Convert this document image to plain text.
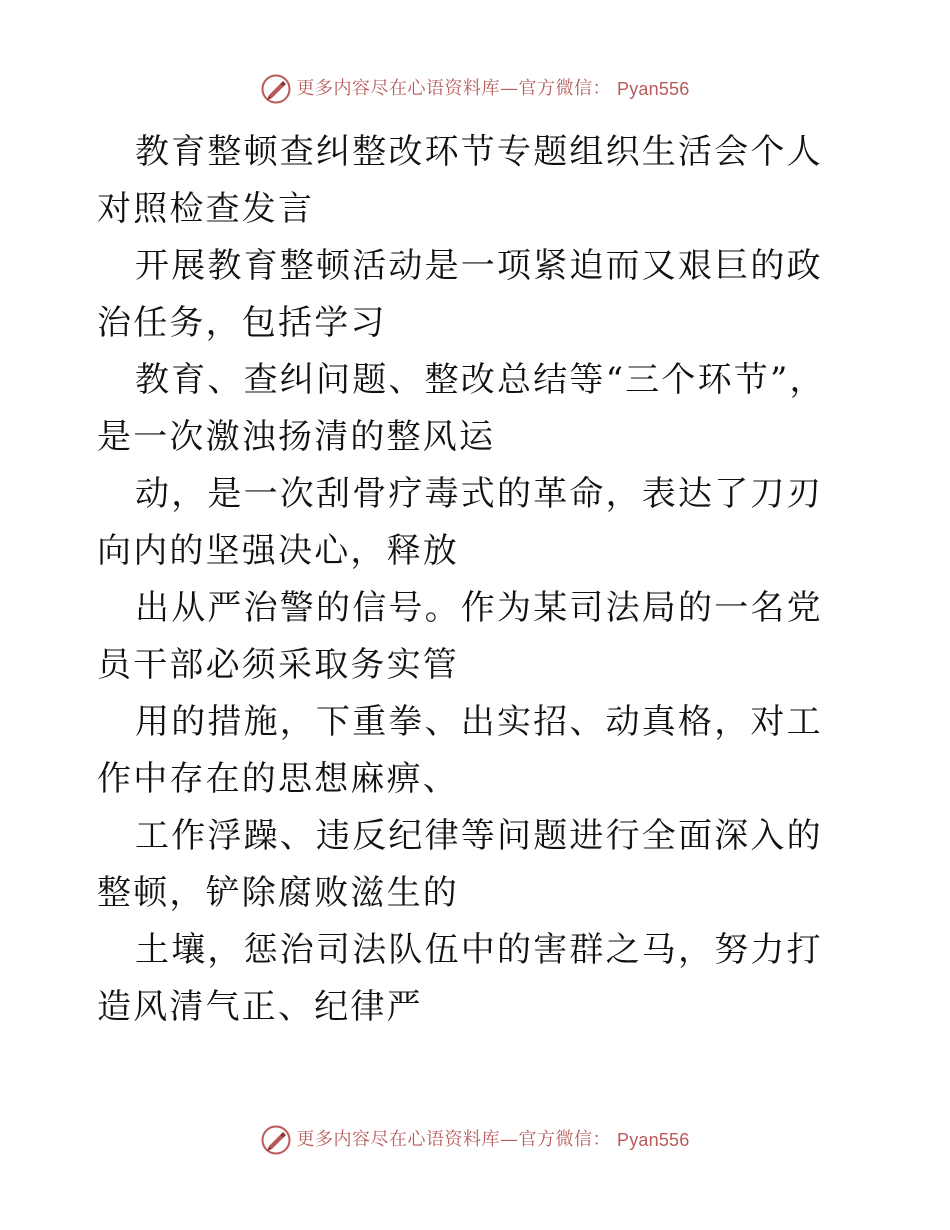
更多内容尽在心语资料库—官方微信： Pyan556

教育整顿查纠整改环节专题组织生活会个人对照检查发言

开展教育整顿活动是一项紧迫而又艰巨的政治任务，包括学习

教育、查纠问题、整改总结等“三个环节”，是一次激浊扬清的整风运

动，是一次刮骨疗毒式的革命，表达了刀刃向内的坚强决心，释放

出从严治警的信号。作为某司法局的一名党员干部必须采取务实管

用的措施，下重拳、出实招、动真格，对工作中存在的思想麻痹、

工作浮躁、违反纪律等问题进行全面深入的整顿，铲除腐败滋生的

土壤，惩治司法队伍中的害群之马，努力打造风清气正、纪律严

更多内容尽在心语资料库—官方微信： Pyan556
